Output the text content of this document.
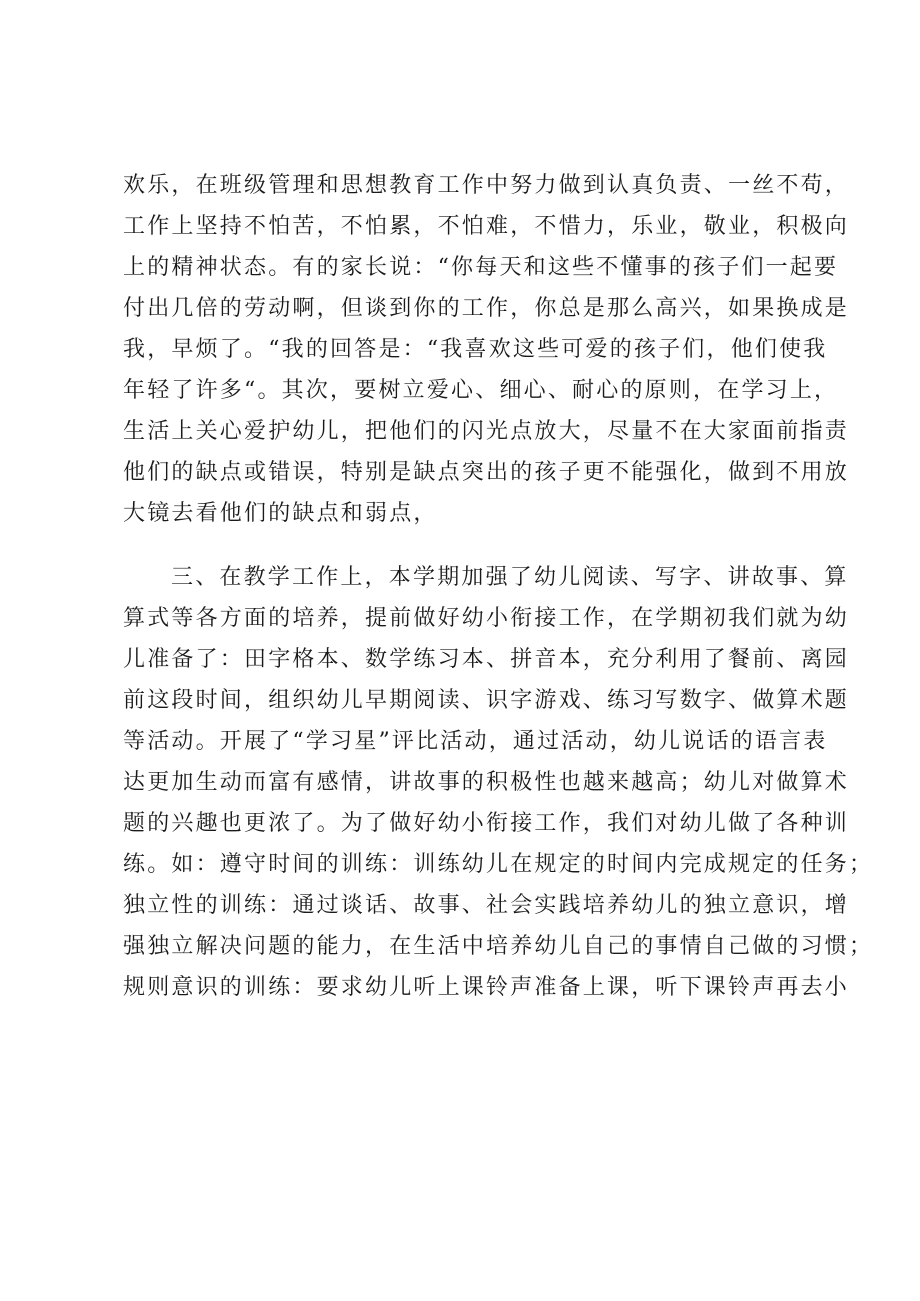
欢乐，在班级管理和思想教育工作中努力做到认真负责、一丝不苟，
工作上坚持不怕苦，不怕累，不怕难，不惜力，乐业，敬业，积极向
上的精神状态。有的家长说：“你每天和这些不懂事的孩子们一起要
付出几倍的劳动啊，但谈到你的工作，你总是那么高兴，如果换成是
我，早烦了。“我的回答是：“我喜欢这些可爱的孩子们，他们使我
年轻了许多“。其次，要树立爱心、细心、耐心的原则，在学习上，
生活上关心爱护幼儿，把他们的闪光点放大，尽量不在大家面前指责
他们的缺点或错误，特别是缺点突出的孩子更不能强化，做到不用放
大镜去看他们的缺点和弱点，
三、在教学工作上，本学期加强了幼儿阅读、写字、讲故事、算
算式等各方面的培养，提前做好幼小衔接工作，在学期初我们就为幼
儿准备了：田字格本、数学练习本、拼音本，充分利用了餐前、离园
前这段时间，组织幼儿早期阅读、识字游戏、练习写数字、做算术题
等活动。开展了“学习星”评比活动，通过活动，幼儿说话的语言表
达更加生动而富有感情，讲故事的积极性也越来越高；幼儿对做算术
题的兴趣也更浓了。为了做好幼小衔接工作，我们对幼儿做了各种训
练。如：遵守时间的训练：训练幼儿在规定的时间内完成规定的任务；
独立性的训练：通过谈话、故事、社会实践培养幼儿的独立意识，增
强独立解决问题的能力，在生活中培养幼儿自己的事情自己做的习惯；
规则意识的训练：要求幼儿听上课铃声准备上课，听下课铃声再去小
